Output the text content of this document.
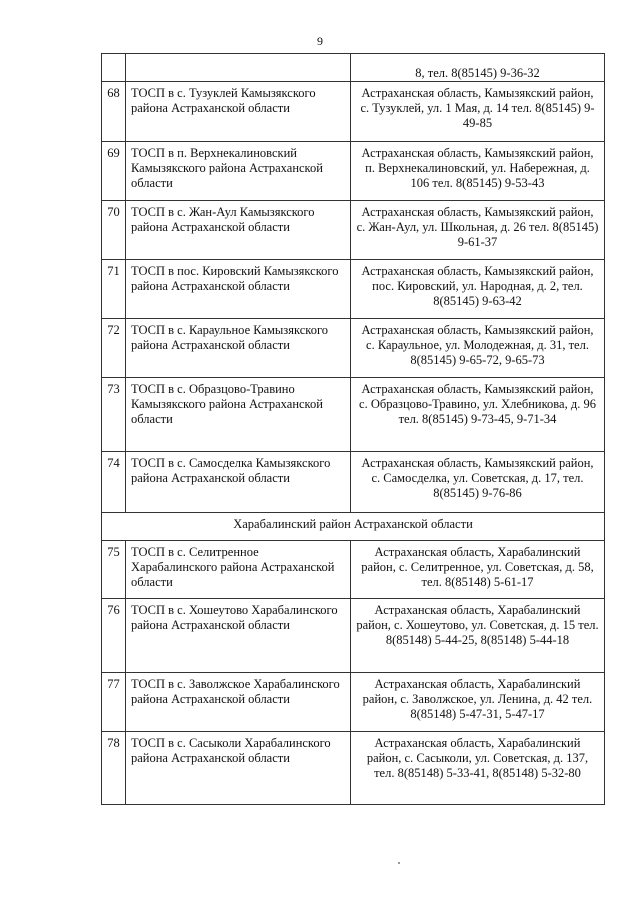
9
		8, тел. 8(85145) 9-36-32
68	ТОСП в с. Тузуклей Камызякского района Астраханской области	Астраханская область, Камызякский район, с. Тузуклей, ул. 1 Мая, д. 14 тел. 8(85145) 9-49-85
69	ТОСП в п. Верхнекалиновский Камызякского района Астраханской области	Астраханская область, Камызякский район, п. Верхнекалиновский, ул. Набережная, д. 106 тел. 8(85145) 9-53-43
70	ТОСП в с. Жан-Аул Камызякского района Астраханской области	Астраханская область, Камызякский район, с. Жан-Аул, ул. Школьная, д. 26 тел. 8(85145) 9-61-37
71	ТОСП в пос. Кировский Камызякского района Астраханской области	Астраханская область, Камызякский район, пос. Кировский, ул. Народная, д. 2, тел. 8(85145) 9-63-42
72	ТОСП в с. Караульное Камызякского района Астраханской области	Астраханская область, Камызякский район, с. Караульное, ул. Молодежная, д. 31, тел. 8(85145) 9-65-72, 9-65-73
73	ТОСП в с. Образцово-Травино Камызякского района Астраханской области	Астраханская область, Камызякский район, с. Образцово-Травино, ул. Хлебникова, д. 96 тел. 8(85145) 9-73-45, 9-71-34
74	ТОСП в с. Самосделка Камызякского района Астраханской области	Астраханская область, Камызякский район, с. Самосделка, ул. Советская, д. 17, тел. 8(85145) 9-76-86
Харабалинский район Астраханской области		
75	ТОСП в с. Селитренное Харабалинского района Астраханской области	Астраханская область, Харабалинский район, с. Селитренное, ул. Советская, д. 58, тел. 8(85148) 5-61-17
76	ТОСП в с. Хошеутово Харабалинского района Астраханской области	Астраханская область, Харабалинский район, с. Хошеутово, ул. Советская, д. 15 тел. 8(85148) 5-44-25, 8(85148) 5-44-18
77	ТОСП в с. Заволжское Харабалинского района Астраханской области	Астраханская область, Харабалинский район, с. Заволжское, ул. Ленина, д. 42 тел. 8(85148) 5-47-31, 5-47-17
78	ТОСП в с. Сасыколи Харабалинского района Астраханской области	Астраханская область, Харабалинский район, с. Сасыколи, ул. Советская, д. 137, тел. 8(85148) 5-33-41, 8(85148) 5-32-80
